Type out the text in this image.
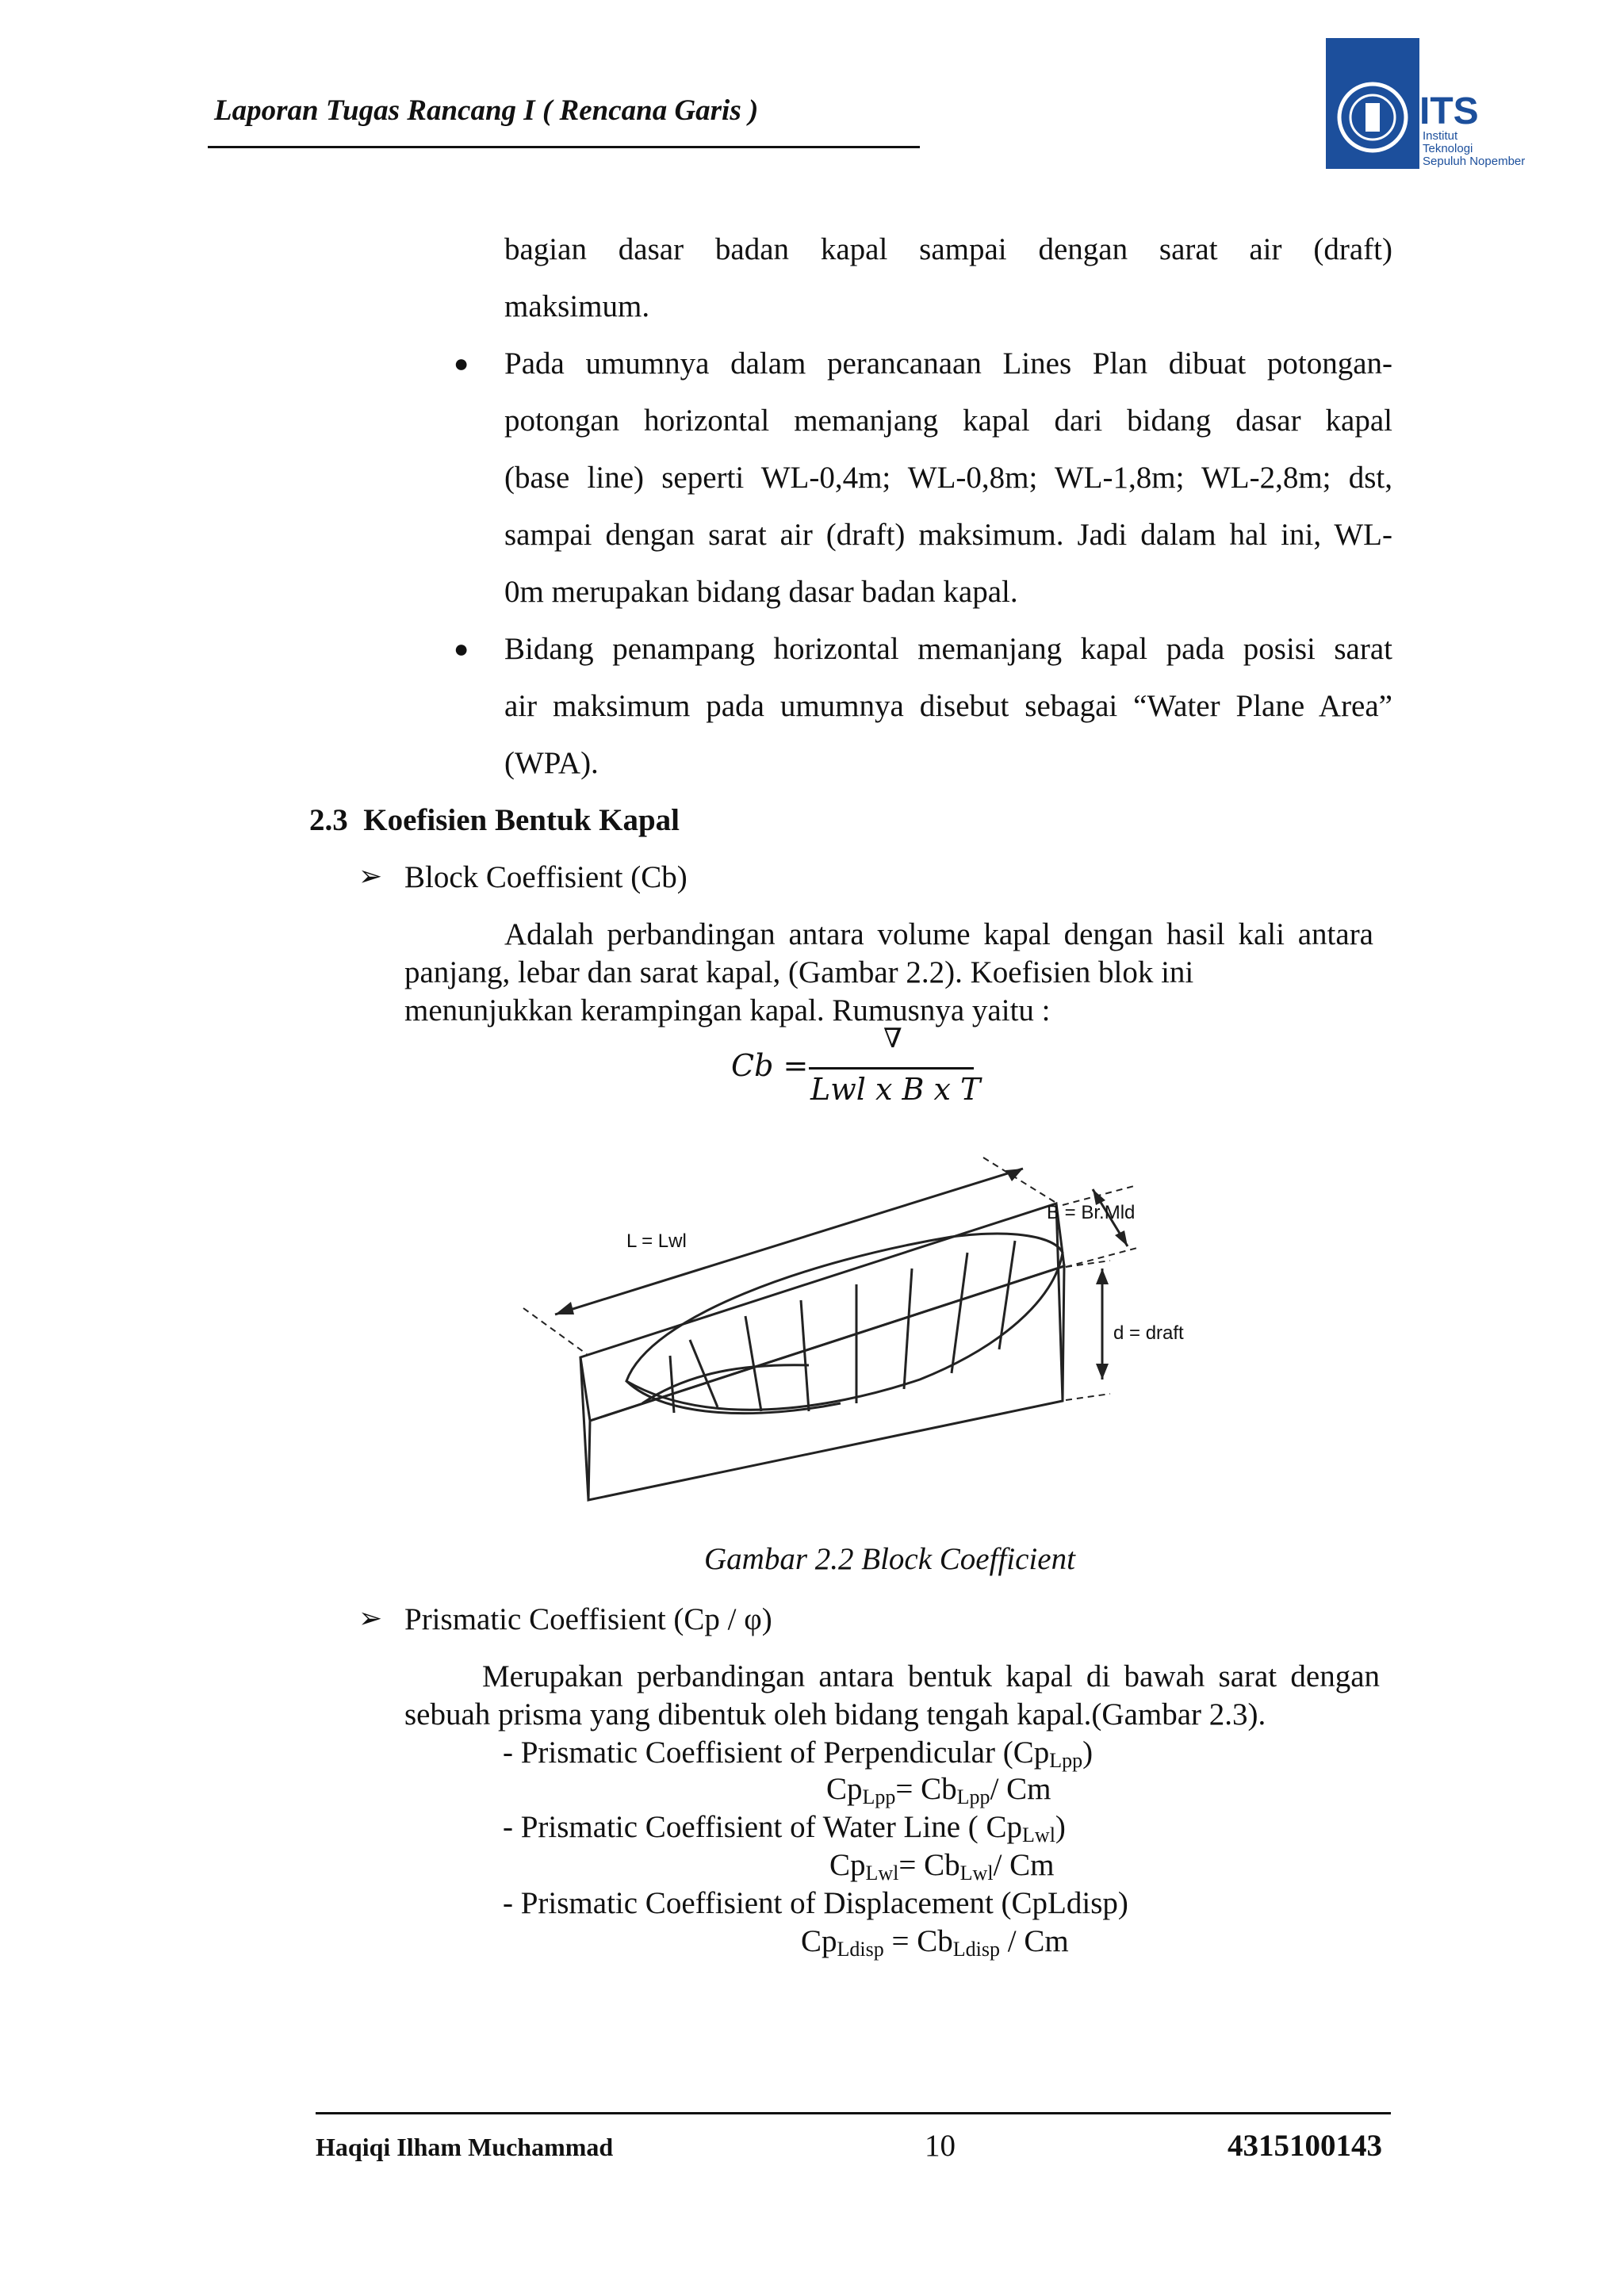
Laporan Tugas Rancang I ( Rencana Garis )	ITS
Institut
Teknologi
Sepuluh Nopember
bagian dasar badan kapal sampai dengan sarat air (draft)
maksimum.
● Pada umumnya dalam perancanaan Lines Plan dibuat potongan-
potongan horizontal memanjang kapal dari bidang dasar kapal
(base line) seperti WL-0,4m; WL-0,8m; WL-1,8m; WL-2,8m; dst,
sampai dengan sarat air (draft) maksimum. Jadi dalam hal ini, WL-
0m merupakan bidang dasar badan kapal.
● Bidang penampang horizontal memanjang kapal pada posisi sarat
air maksimum pada umumnya disebut sebagai “Water Plane Area”
(WPA).
2.3 Koefisien Bentuk Kapal
➢ Block Coeffisient (Cb)
Adalah perbandingan antara volume kapal dengan hasil kali antara
panjang, lebar dan sarat kapal, (Gambar 2.2). Koefisien blok ini
menunjukkan kerampingan kapal. Rumusnya yaitu :
Cb =
∇
Lwl x B x T
L = Lwl
B = Br.Mld
d = draft
Gambar 2.2 Block Coefficient
➢ Prismatic Coeffisient (Cp / φ)
Merupakan perbandingan antara bentuk kapal di bawah sarat dengan
sebuah prisma yang dibentuk oleh bidang tengah kapal.(Gambar 2.3).
- Prismatic Coeffisient of Perpendicular $(Cp_{Lpp})$
$Cp_{Lpp}= Cb_{Lpp}/$ Cm
- Prismatic Coeffisient of Water Line ( $Cp_{Lwl}$)
$Cp_{Lwl}= Cb_{Lwl}/$ Cm
- Prismatic Coeffisient of Displacement (CpLdisp)
$Cp_{Ldisp} = Cb_{Ldisp} / Cm$
Haqiqi Ilham Muchammad	10	4315100143
